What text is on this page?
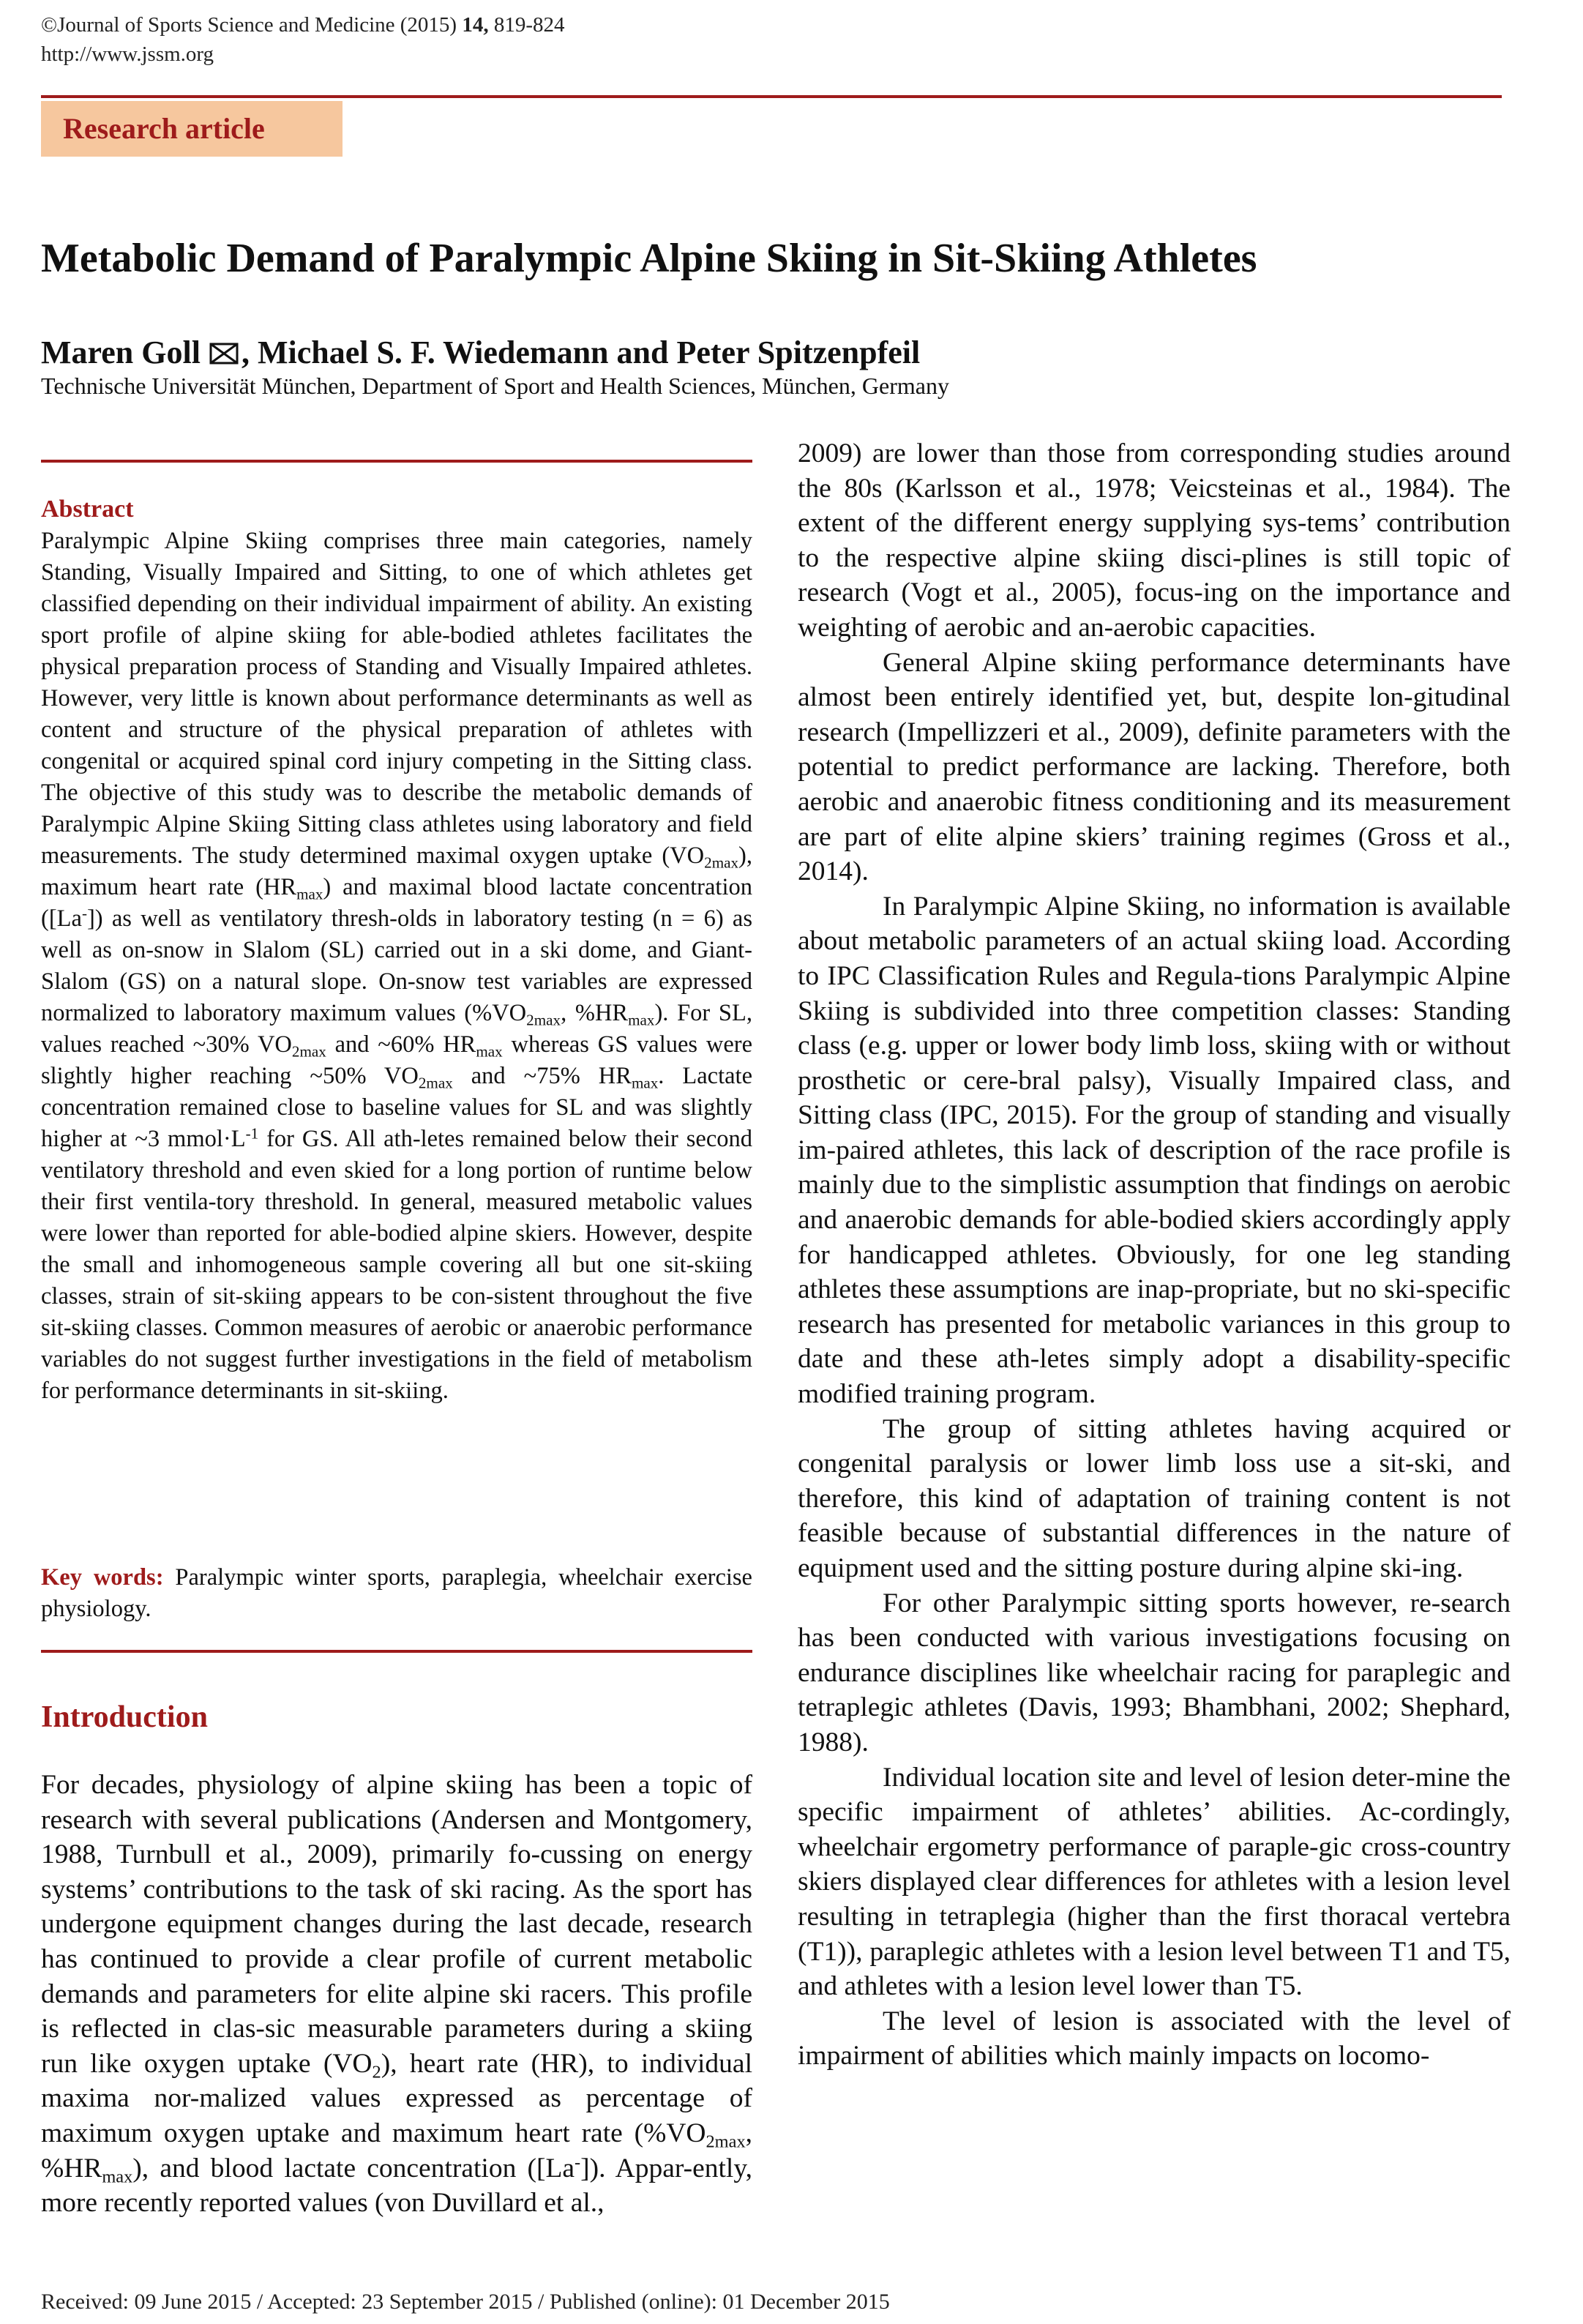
©Journal of Sports Science and Medicine (2015) 14, 819-824
http://www.jssm.org
Research article
Metabolic Demand of Paralympic Alpine Skiing in Sit-Skiing Athletes
Maren Goll , Michael S. F. Wiedemann and Peter Spitzenpfeil
Technische Universität München, Department of Sport and Health Sciences, München, Germany
Abstract

Paralympic Alpine Skiing comprises three main categories, namely Standing, Visually Impaired and Sitting, to one of which athletes get classified depending on their individual impairment of ability. An existing sport profile of alpine skiing for able-bodied athletes facilitates the physical preparation process of Standing and Visually Impaired athletes. However, very little is known about performance determinants as well as content and structure of the physical preparation of athletes with congenital or acquired spinal cord injury competing in the Sitting class. The objective of this study was to describe the metabolic demands of Paralympic Alpine Skiing Sitting class athletes using laboratory and field measurements. The study determined maximal oxygen uptake $(VO_{2max})$, maximum heart rate $(HR_{max})$ and maximal blood lactate concentration ([La-]) as well as ventilatory thresh-olds in laboratory testing (n = 6) as well as on-snow in Slalom (SL) carried out in a ski dome, and Giant-Slalom (GS) on a natural slope. On-snow test variables are expressed normalized to laboratory maximum values ($\%VO_{2max}$, $\%HR_{max}$). For SL, values reached ~30% $VO_{2max}$ and ~60% $HR_{max}$ whereas GS values were slightly higher reaching ~50% $VO_{2max}$ and ~75% $HR_{max}$. Lactate concentration remained close to baseline values for SL and was slightly higher at ~3 $mmol\cdot L^{-1}$ for GS. All ath-letes remained below their second ventilatory threshold and even skied for a long portion of runtime below their first ventila-tory threshold. In general, measured metabolic values were lower than reported for able-bodied alpine skiers. However, despite the small and inhomogeneous sample covering all but one sit-skiing classes, strain of sit-skiing appears to be con-sistent throughout the five sit-skiing classes. Common measures of aerobic or anaerobic performance variables do not suggest further investigations in the field of metabolism for performance determinants in sit-skiing.

Key words: Paralympic winter sports, paraplegia, wheelchair exercise physiology.

Introduction

For decades, physiology of alpine skiing has been a topic of research with several publications (Andersen and Montgomery, 1988, Turnbull et al., 2009), primarily fo-cussing on energy systems’ contributions to the task of ski racing. As the sport has undergone equipment changes during the last decade, research has continued to provide a clear profile of current metabolic demands and parameters for elite alpine ski racers. This profile is reflected in clas-sic measurable parameters during a skiing run like oxygen uptake $(VO_2)$, heart rate (HR), to individual maxima nor-malized values expressed as percentage of maximum oxygen uptake and maximum heart rate ($\%VO_{2max}$, $\%HR_{max}$), and blood lactate concentration ([La-]). Appar-ently, more recently reported values (von Duvillard et al.,

2009) are lower than those from corresponding studies around the 80s (Karlsson et al., 1978; Veicsteinas et al., 1984). The extent of the different energy supplying sys-tems’ contribution to the respective alpine skiing disci-plines is still topic of research (Vogt et al., 2005), focus-ing on the importance and weighting of aerobic and an-aerobic capacities.

General Alpine skiing performance determinants have almost been entirely identified yet, but, despite lon-gitudinal research (Impellizzeri et al., 2009), definite parameters with the potential to predict performance are lacking. Therefore, both aerobic and anaerobic fitness conditioning and its measurement are part of elite alpine skiers’ training regimes (Gross et al., 2014).

In Paralympic Alpine Skiing, no information is available about metabolic parameters of an actual skiing load. According to IPC Classification Rules and Regula-tions Paralympic Alpine Skiing is subdivided into three competition classes: Standing class (e.g. upper or lower body limb loss, skiing with or without prosthetic or cere-bral palsy), Visually Impaired class, and Sitting class (IPC, 2015). For the group of standing and visually im-paired athletes, this lack of description of the race profile is mainly due to the simplistic assumption that findings on aerobic and anaerobic demands for able-bodied skiers accordingly apply for handicapped athletes. Obviously, for one leg standing athletes these assumptions are inap-propriate, but no ski-specific research has presented for metabolic variances in this group to date and these ath-letes simply adopt a disability-specific modified training program.

The group of sitting athletes having acquired or congenital paralysis or lower limb loss use a sit-ski, and therefore, this kind of adaptation of training content is not feasible because of substantial differences in the nature of equipment used and the sitting posture during alpine ski-ing.

For other Paralympic sitting sports however, re-search has been conducted with various investigations focusing on endurance disciplines like wheelchair racing for paraplegic and tetraplegic athletes (Davis, 1993; Bhambhani, 2002; Shephard, 1988).

Individual location site and level of lesion deter-mine the specific impairment of athletes’ abilities. Ac-cordingly, wheelchair ergometry performance of paraple-gic cross-country skiers displayed clear differences for athletes with a lesion level resulting in tetraplegia (higher than the first thoracal vertebra (T1)), paraplegic athletes with a lesion level between T1 and T5, and athletes with a lesion level lower than T5.

The level of lesion is associated with the level of impairment of abilities which mainly impacts on locomo-

Received: 09 June 2015 / Accepted: 23 September 2015 / Published (online): 01 December 2015
